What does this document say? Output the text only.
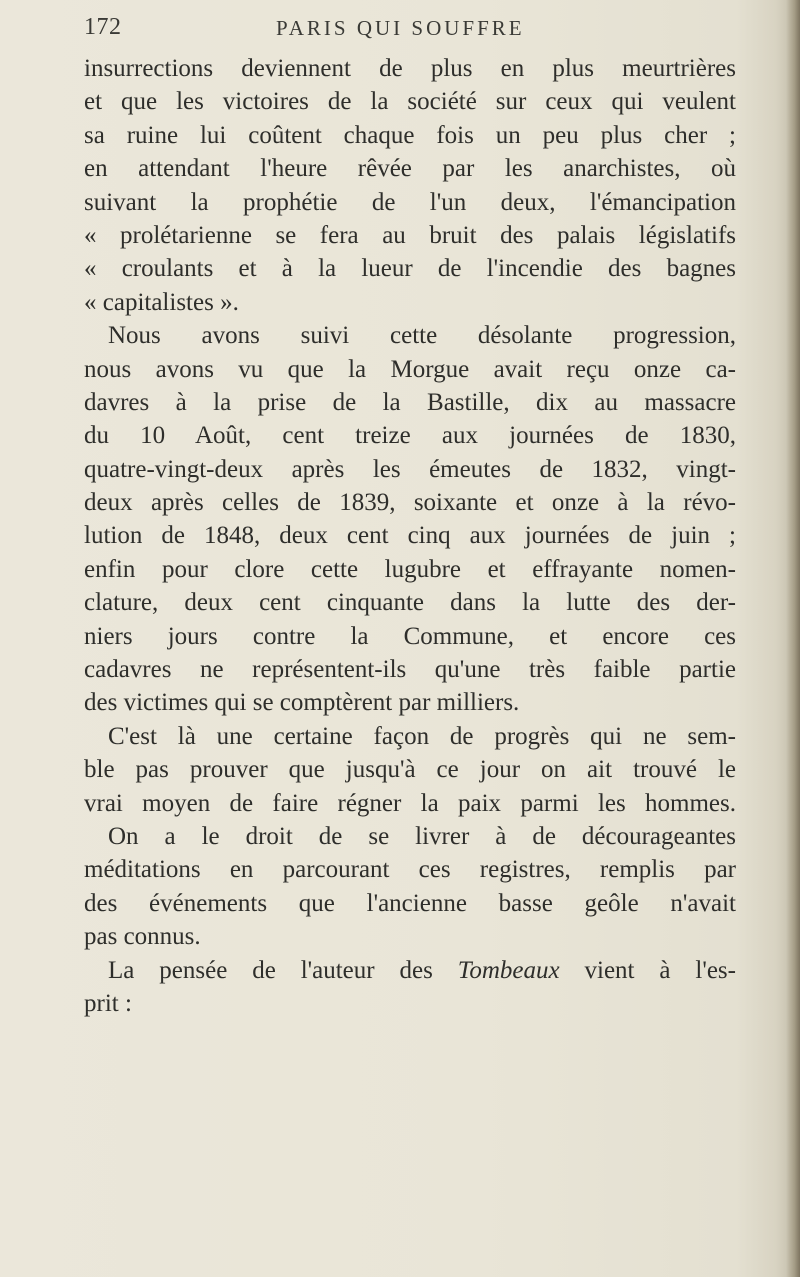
172	PARIS QUI SOUFFRE
insurrections deviennent de plus en plus meurtrières
et que les victoires de la société sur ceux qui veulent
sa ruine lui coûtent chaque fois un peu plus cher ;
en attendant l'heure rêvée par les anarchistes, où
suivant la prophétie de l'un deux, l'émancipation
« prolétarienne se fera au bruit des palais législatifs
« croulants et à la lueur de l'incendie des bagnes
« capitalistes ».
Nous avons suivi cette désolante progression,
nous avons vu que la Morgue avait reçu onze ca-
davres à la prise de la Bastille, dix au massacre
du 10 Août, cent treize aux journées de 1830,
quatre-vingt-deux après les émeutes de 1832, vingt-
deux après celles de 1839, soixante et onze à la révo-
lution de 1848, deux cent cinq aux journées de juin ;
enfin pour clore cette lugubre et effrayante nomen-
clature, deux cent cinquante dans la lutte des der-
niers jours contre la Commune, et encore ces
cadavres ne représentent-ils qu'une très faible partie
des victimes qui se comptèrent par milliers.
C'est là une certaine façon de progrès qui ne sem-
ble pas prouver que jusqu'à ce jour on ait trouvé le
vrai moyen de faire régner la paix parmi les hommes.
On a le droit de se livrer à de décourageantes
méditations en parcourant ces registres, remplis par
des événements que l'ancienne basse geôle n'avait
pas connus.
La pensée de l'auteur des Tombeaux vient à l'es-
prit :
